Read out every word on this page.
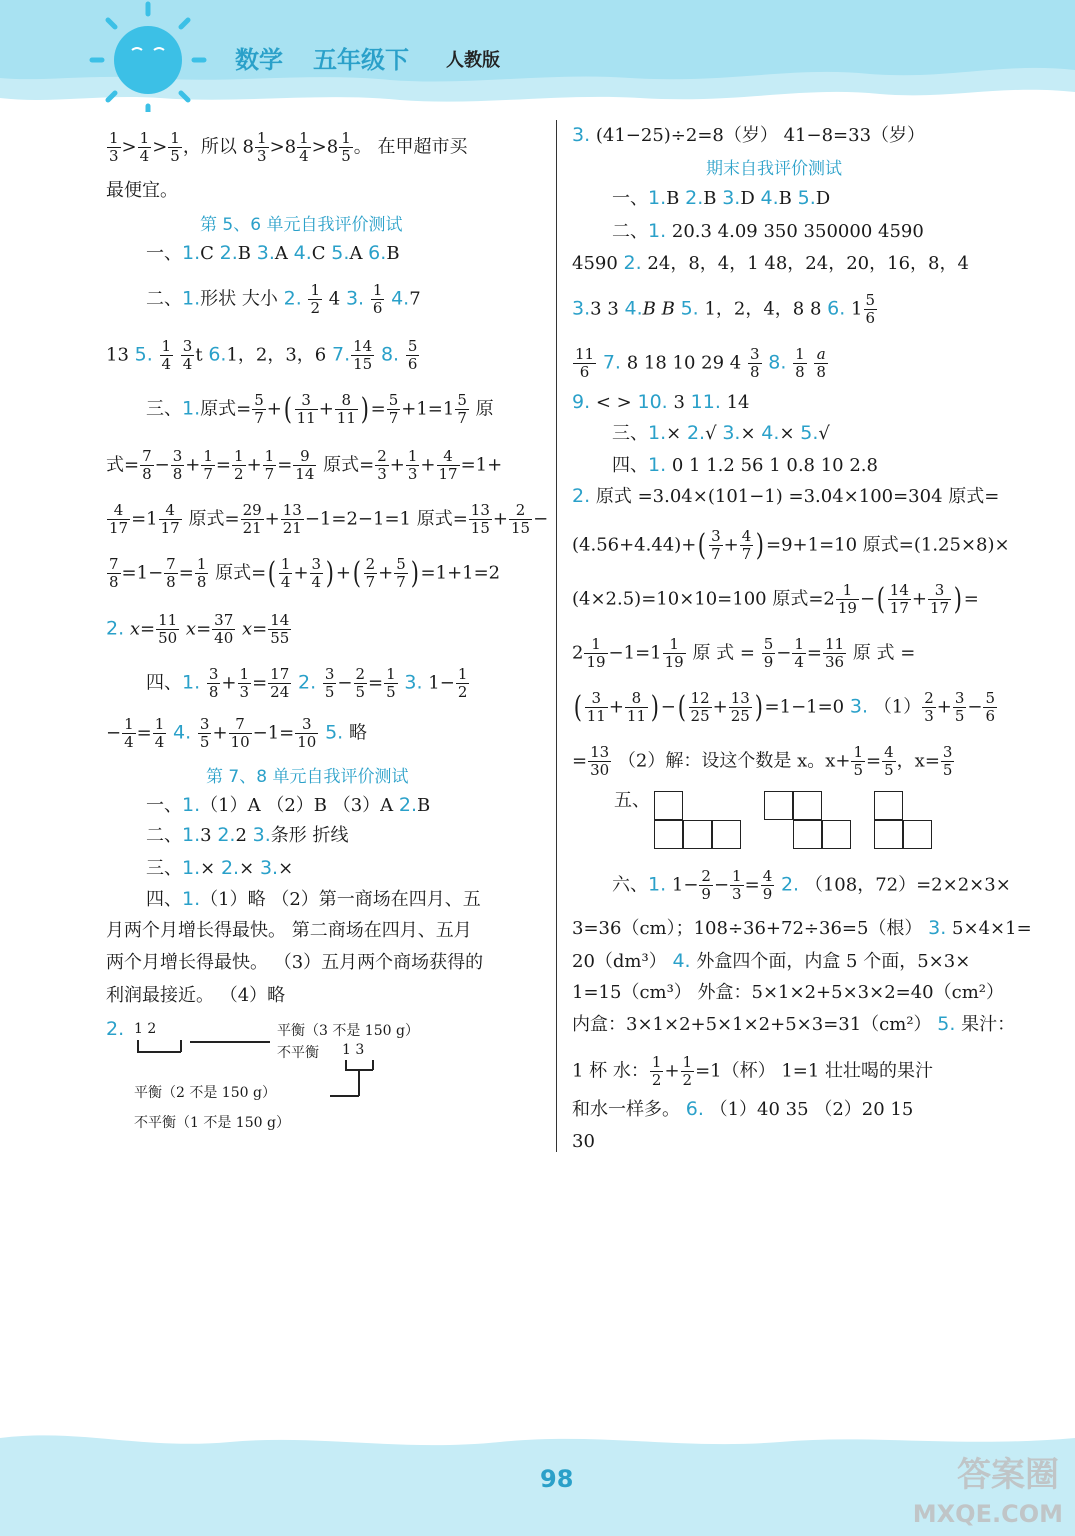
数学 五年级下 人教版
$\frac{1}{3} > \frac{1}{4} > \frac{1}{5}$ ，所以 $8 \frac{1}{3} >8 \frac{1}{4} >8 \frac{1}{5}$ 。 在甲超市买
最便宜。
第 5、6 单元自我评价测试
一、1.C 2.B 3.A 4.C 5.A 6.B
二、1.形状 大小 2. $\frac{1}{2} 4$ 3. $\frac{1}{6} 4.7$
13 5. $\frac{1}{4}$
$\frac{3}{4}$ t 6.1，2，3，6 7. $\frac{14}{15} 8$. $\frac{5}{6}$
三、1.原式= $\frac{5}{7}$ +( $\frac{3}{11} + \frac{8}{11}$ )= $\frac{5}{7} +1=1 \frac{5}{7}$ 原
式= $\frac{7}{8} - \frac{3}{8} + \frac{1}{7} = \frac{1}{2} + \frac{1}{7} = \frac{9}{14}$ 原式= $\frac{2}{3} + \frac{1}{3} + \frac{4}{17} =1+$
$\frac{4}{17} =1 \frac{4}{17}$ 原式= $\frac{29}{21} + \frac{13}{21} -1=2-1=1$ 原式= $\frac{13}{15} + \frac{2}{15}$ −
$\frac{7}{8} =1- \frac{7}{8} = \frac{1}{8}$ 原式=( $\frac{1}{4} + \frac{3}{4}$ )+( $\frac{2}{7} + \frac{5}{7} )=1+1=2$
2. $x= \frac{11}{50} x= \frac{37}{40} x= \frac{14}{55}$
四、1. $\frac{3}{8} + \frac{1}{3} = \frac{17}{24} 2$. $\frac{3}{5} - \frac{2}{5} = \frac{1}{5} 3$. $1- \frac{1}{2}$
− $\frac{1}{4} = \frac{1}{4} 4$. $\frac{3}{5} + \frac{7}{10} -1= \frac{3}{10} 5$. 略
第 7、8 单元自我评价测试
一、1.（1）A （2）B （3）A 2.B
二、1.3 2.2 3.条形 折线
三、1.× 2.× 3.×
四、1.（1）略 （2）第一商场在四月、五
月两个月增长得最快。 第二商场在四月、五月
两个月增长得最快。 （3）五月两个商场获得的
利润最接近。 （4）略
2. 1 2	平衡（3 不是 150 g）
不平衡 1 3
平衡（2 不是 150 g）
不平衡（1 不是 150 g）
3. (41−25)÷2=8（岁） 41−8=33（岁）
期末自我评价测试
一、1.B 2.B 3.D 4.B 5.D
二、1. 20.3 4.09 350 350000 4590
4590 2. 24，8，4，1 48，24，20，16，8，4
3.3 3 4.B B 5. 1，2，4，8 8 6. $1 \frac{5}{6}$
$\frac{11}{6} 7$. 8 18 10 29 $4 \frac{3}{8} 8$. $\frac{1}{8}$
$\frac{a}{8}$
9. < > 10. 3 11. 14
三、1.× 2.√ 3.× 4.× 5.√
四、1. 0 1 1.2 56 1 0.8 10 2.8
2. 原式 =3.04×(101−1) =3.04×100=304 原式=
$(4.56+4.44)+( \frac{3}{7} + \frac{4}{7} )=9+1=10$ 原式=(1.25×8)×
(4×2.5)=10×10=100 原式$=2 \frac{1}{19}$ −( $\frac{14}{17} + \frac{3}{17}$ )=
$2 \frac{1}{19} -1=1 \frac{1}{19}$ 原 式 = $\frac{5}{9} - \frac{1}{4} = \frac{11}{36}$ 原 式 =
( $\frac{3}{11} + \frac{8}{11}$ )−( $\frac{12}{25} + \frac{13}{25} )=1-1=0$ 3. $(1) \frac{2}{3} + \frac{3}{5} - \frac{5}{6}$
= $\frac{13}{30} (2)$解：设这个数是 x。$x+ \frac{1}{5} = \frac{4}{5}$ ，$x= \frac{3}{5}$
五、
六、1. $1- \frac{2}{9} - \frac{1}{3} = \frac{4}{9} 2$. （108，72）=2×2×3×
3=36（cm）；108÷36+72÷36=5（根） 3. 5×4×1=
20（dm³） 4. 外盒四个面，内盒 5 个面，5×3×
1=15（cm³） 外盒：5×1×2+5×3×2=40（cm²）
内盒：3×1×2+5×1×2+5×3=31（cm²） 5. 果汁：
1 杯 水： $\frac{1}{2} + \frac{1}{2} =1$（杯） 1=1 壮壮喝的果汁
和水一样多。 6. （1）40 35 （2）20 15
30
98	答案圈
MXQE.COM
